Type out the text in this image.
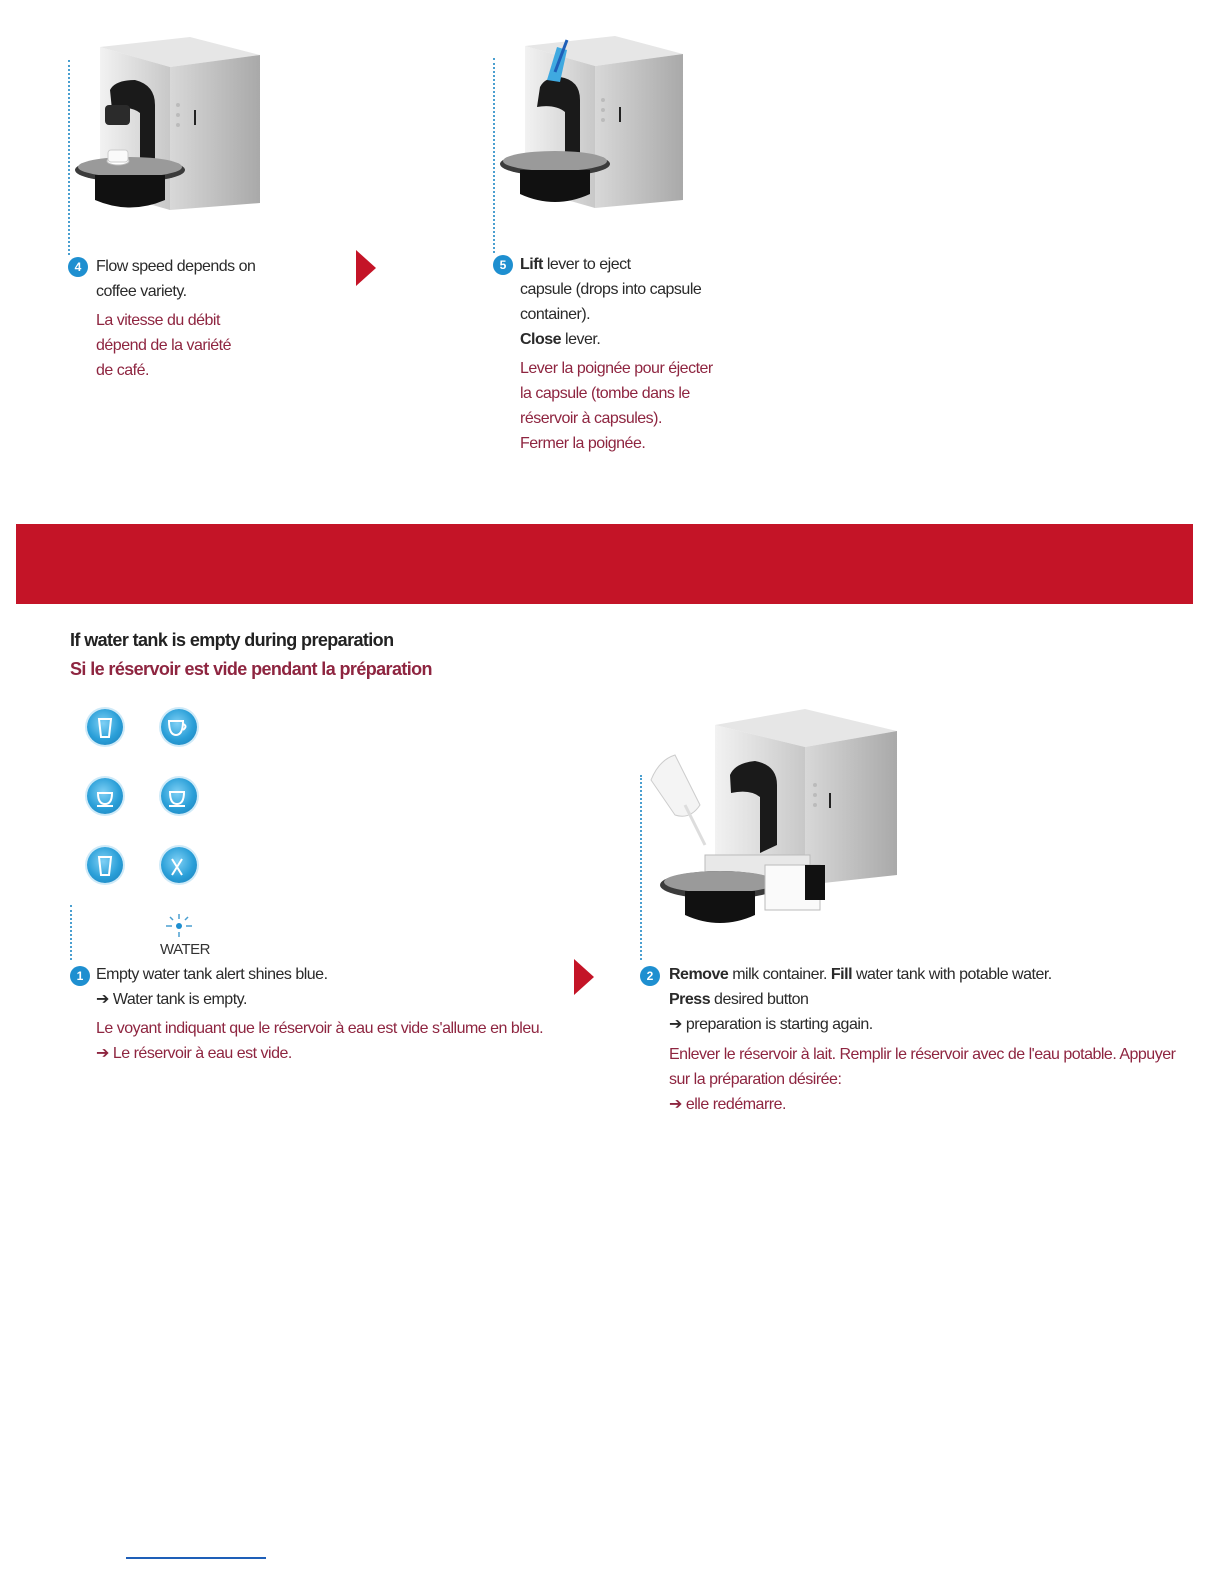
4 Flow speed depends on
coffee variety.
La vitesse du débit
dépend de la variété
de café.
5 Lift lever to eject
capsule (drops into capsule
container).
Close lever.
Lever la poignée pour éjecter
la capsule (tombe dans le
réservoir à capsules).
Fermer la poignée.
If water tank is empty during preparation
Si le réservoir est vide pendant la préparation
WATER
1 Empty water tank alert shines blue.
➔ Water tank is empty.
Le voyant indiquant que le réservoir à eau est vide s'allume en bleu.
➔ Le réservoir à eau est vide.
2 Remove milk container. Fill water tank with potable water.
Press desired button
➔ preparation is starting again.
Enlever le réservoir à lait. Remplir le réservoir avec de l'eau potable. Appuyer
sur la préparation désirée:
➔ elle redémarre.
